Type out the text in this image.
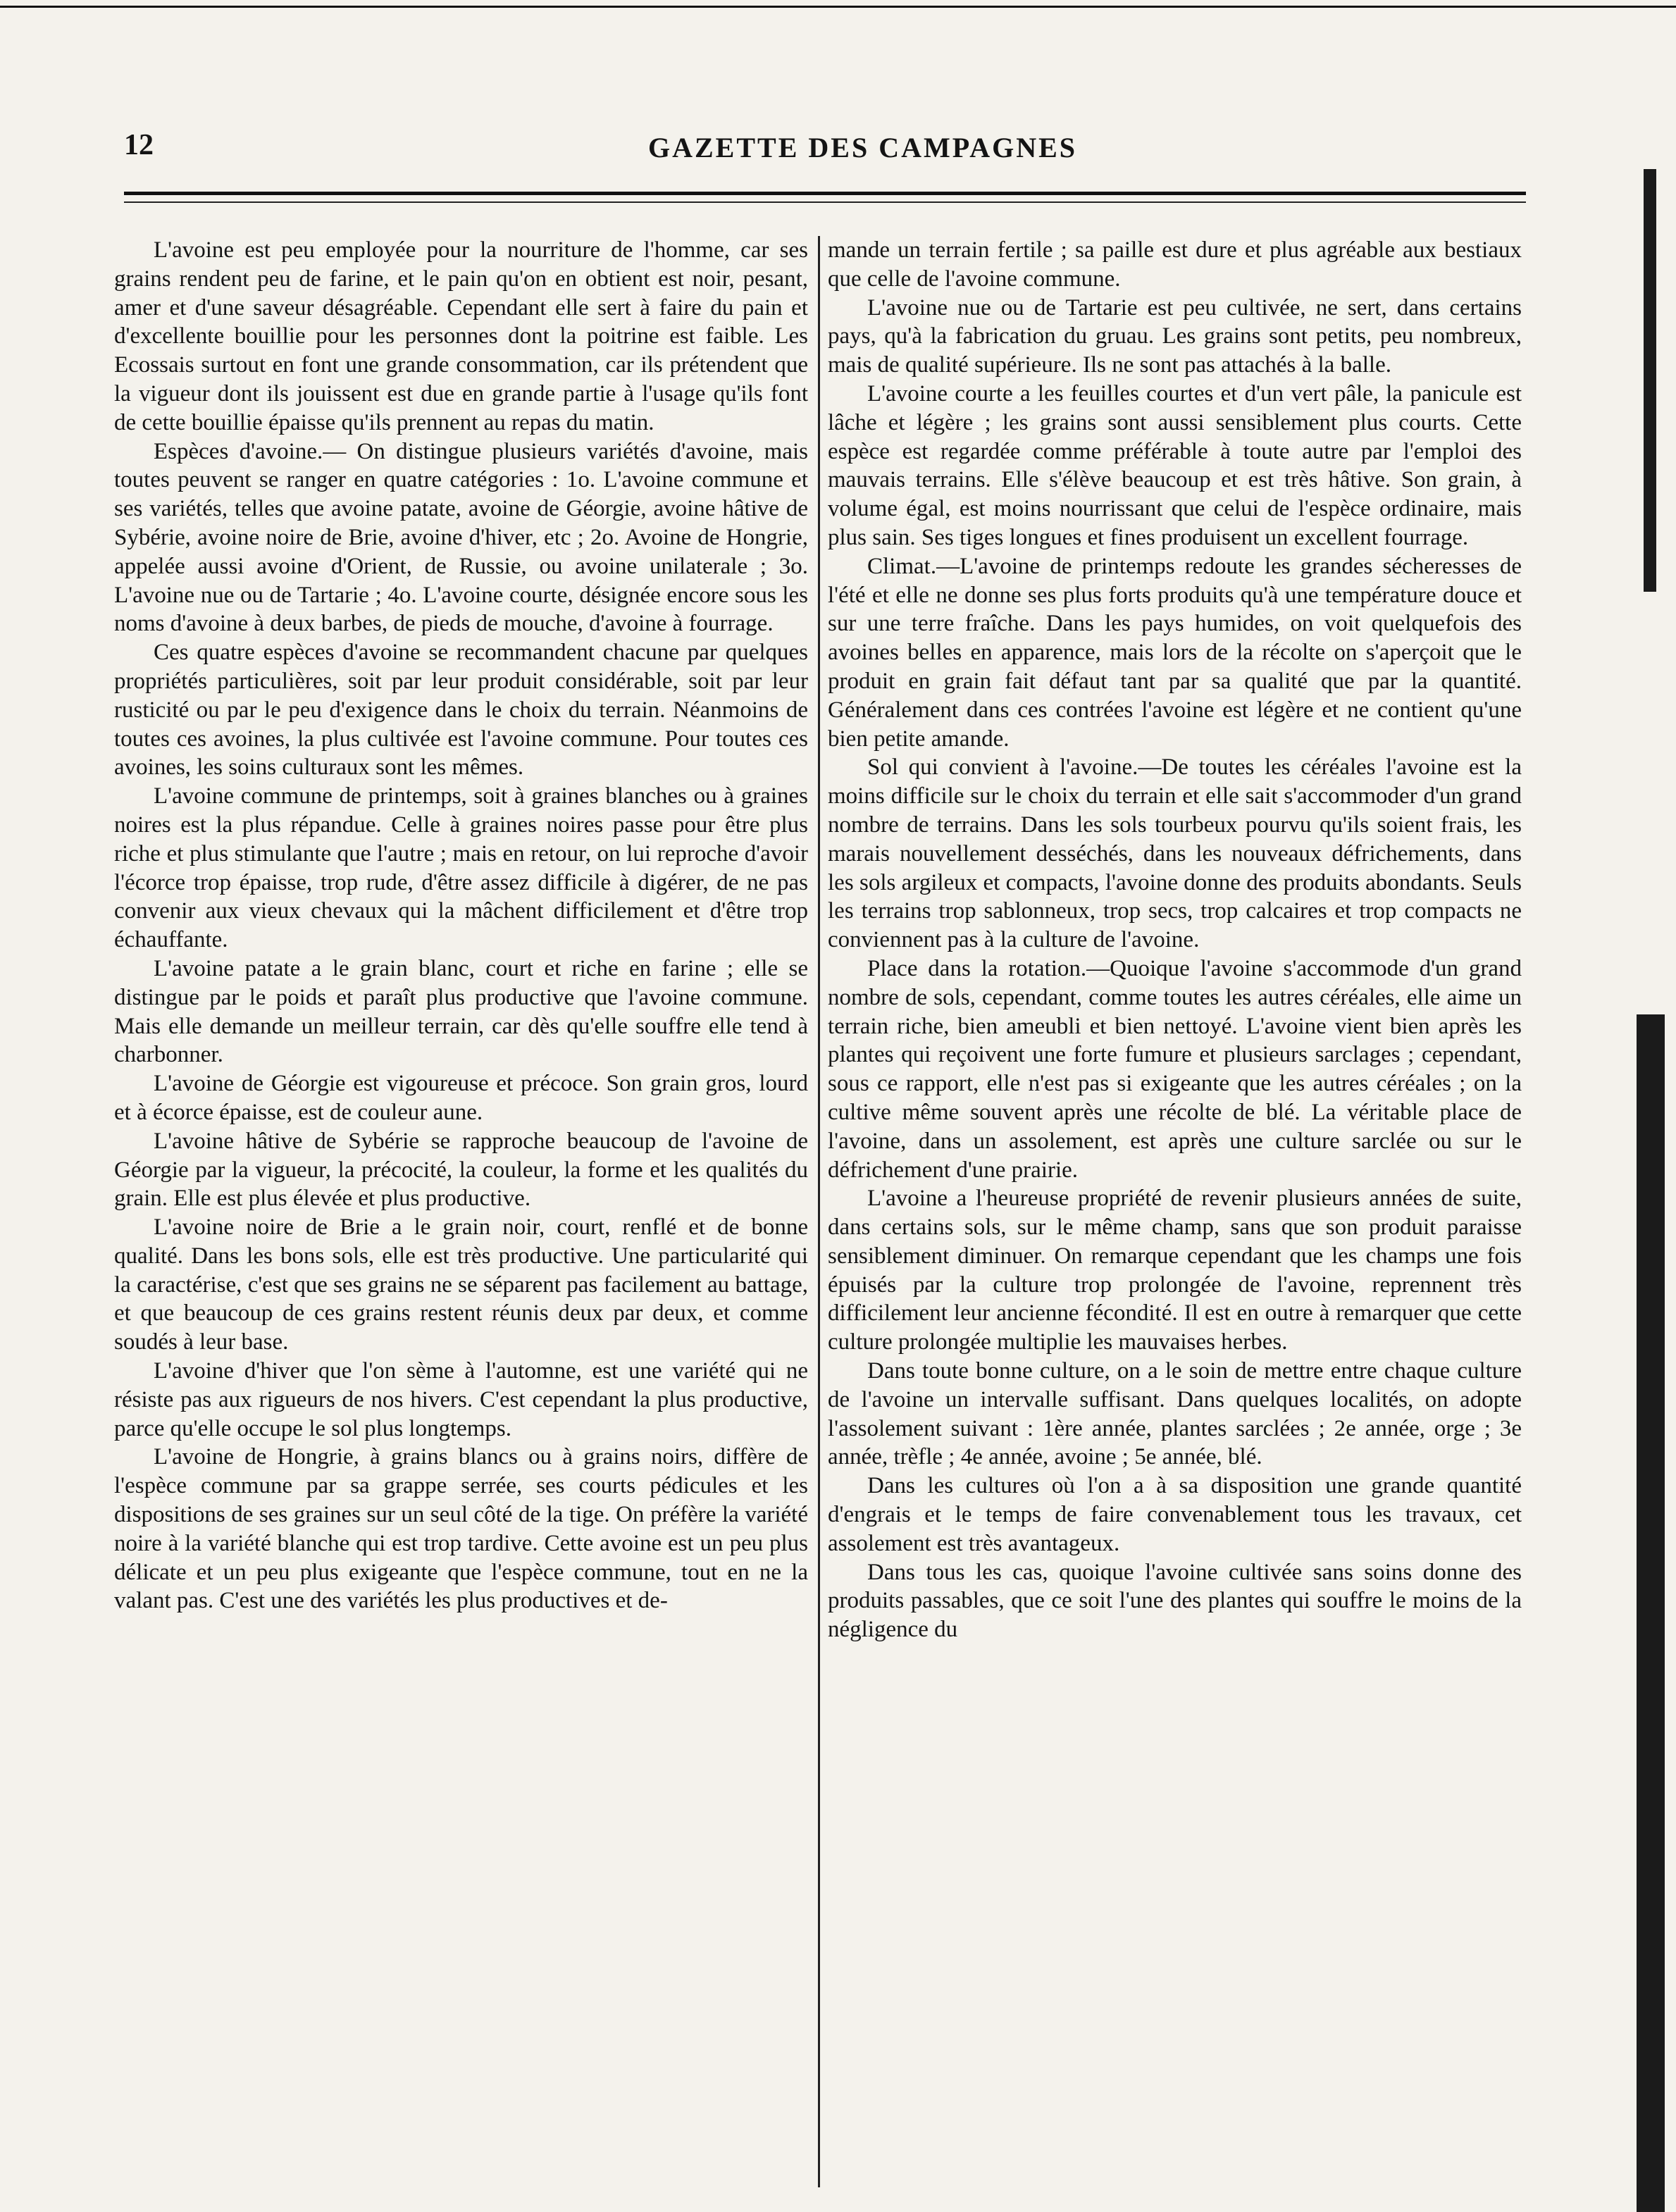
12	GAZETTE DES CAMPAGNES

L'avoine est peu employée pour la nourriture de l'homme, car ses grains rendent peu de farine, et le pain qu'on en obtient est noir, pesant, amer et d'une saveur désagréable. Cependant elle sert à faire du pain et d'excellente bouillie pour les personnes dont la poitrine est faible. Les Ecossais surtout en font une grande consommation, car ils prétendent que la vigueur dont ils jouissent est due en grande partie à l'usage qu'ils font de cette bouillie épaisse qu'ils prennent au repas du matin.

Espèces d'avoine.— On distingue plusieurs variétés d'avoine, mais toutes peuvent se ranger en quatre catégories : 1o. L'avoine commune et ses variétés, telles que avoine patate, avoine de Géorgie, avoine hâtive de Sybérie, avoine noire de Brie, avoine d'hiver, etc ; 2o. Avoine de Hongrie, appelée aussi avoine d'Orient, de Russie, ou avoine unilaterale ; 3o. L'avoine nue ou de Tartarie ; 4o. L'avoine courte, désignée encore sous les noms d'avoine à deux barbes, de pieds de mouche, d'avoine à fourrage.

Ces quatre espèces d'avoine se recommandent chacune par quelques propriétés particulières, soit par leur produit considérable, soit par leur rusticité ou par le peu d'exigence dans le choix du terrain. Néanmoins de toutes ces avoines, la plus cultivée est l'avoine commune. Pour toutes ces avoines, les soins culturaux sont les mêmes.

L'avoine commune de printemps, soit à graines blanches ou à graines noires est la plus répandue. Celle à graines noires passe pour être plus riche et plus stimulante que l'autre ; mais en retour, on lui reproche d'avoir l'écorce trop épaisse, trop rude, d'être assez difficile à digérer, de ne pas convenir aux vieux chevaux qui la mâchent difficilement et d'être trop échauffante.

L'avoine patate a le grain blanc, court et riche en farine ; elle se distingue par le poids et paraît plus productive que l'avoine commune. Mais elle demande un meilleur terrain, car dès qu'elle souffre elle tend à charbonner.

L'avoine de Géorgie est vigoureuse et précoce. Son grain gros, lourd et à écorce épaisse, est de couleur aune.

L'avoine hâtive de Sybérie se rapproche beaucoup de l'avoine de Géorgie par la vigueur, la précocité, la couleur, la forme et les qualités du grain. Elle est plus élevée et plus productive.

L'avoine noire de Brie a le grain noir, court, renflé et de bonne qualité. Dans les bons sols, elle est très productive. Une particularité qui la caractérise, c'est que ses grains ne se séparent pas facilement au battage, et que beaucoup de ces grains restent réunis deux par deux, et comme soudés à leur base.

L'avoine d'hiver que l'on sème à l'automne, est une variété qui ne résiste pas aux rigueurs de nos hivers. C'est cependant la plus productive, parce qu'elle occupe le sol plus longtemps.

L'avoine de Hongrie, à grains blancs ou à grains noirs, diffère de l'espèce commune par sa grappe serrée, ses courts pédicules et les dispositions de ses graines sur un seul côté de la tige. On préfère la variété noire à la variété blanche qui est trop tardive. Cette avoine est un peu plus délicate et un peu plus exigeante que l'espèce commune, tout en ne la valant pas. C'est une des variétés les plus productives et de-

mande un terrain fertile ; sa paille est dure et plus agréable aux bestiaux que celle de l'avoine commune.

L'avoine nue ou de Tartarie est peu cultivée, ne sert, dans certains pays, qu'à la fabrication du gruau. Les grains sont petits, peu nombreux, mais de qualité supérieure. Ils ne sont pas attachés à la balle.

L'avoine courte a les feuilles courtes et d'un vert pâle, la panicule est lâche et légère ; les grains sont aussi sensiblement plus courts. Cette espèce est regardée comme préférable à toute autre par l'emploi des mauvais terrains. Elle s'élève beaucoup et est très hâtive. Son grain, à volume égal, est moins nourrissant que celui de l'espèce ordinaire, mais plus sain. Ses tiges longues et fines produisent un excellent fourrage.

Climat.—L'avoine de printemps redoute les grandes sécheresses de l'été et elle ne donne ses plus forts produits qu'à une température douce et sur une terre fraîche. Dans les pays humides, on voit quelquefois des avoines belles en apparence, mais lors de la récolte on s'aperçoit que le produit en grain fait défaut tant par sa qualité que par la quantité. Généralement dans ces contrées l'avoine est légère et ne contient qu'une bien petite amande.

Sol qui convient à l'avoine.—De toutes les céréales l'avoine est la moins difficile sur le choix du terrain et elle sait s'accommoder d'un grand nombre de terrains. Dans les sols tourbeux pourvu qu'ils soient frais, les marais nouvellement desséchés, dans les nouveaux défrichements, dans les sols argileux et compacts, l'avoine donne des produits abondants. Seuls les terrains trop sablonneux, trop secs, trop calcaires et trop compacts ne conviennent pas à la culture de l'avoine.

Place dans la rotation.—Quoique l'avoine s'accommode d'un grand nombre de sols, cependant, comme toutes les autres céréales, elle aime un terrain riche, bien ameubli et bien nettoyé. L'avoine vient bien après les plantes qui reçoivent une forte fumure et plusieurs sarclages ; cependant, sous ce rapport, elle n'est pas si exigeante que les autres céréales ; on la cultive même souvent après une récolte de blé. La véritable place de l'avoine, dans un assolement, est après une culture sarclée ou sur le défrichement d'une prairie.

L'avoine a l'heureuse propriété de revenir plusieurs années de suite, dans certains sols, sur le même champ, sans que son produit paraisse sensiblement diminuer. On remarque cependant que les champs une fois épuisés par la culture trop prolongée de l'avoine, reprennent très difficilement leur ancienne fécondité. Il est en outre à remarquer que cette culture prolongée multiplie les mauvaises herbes.

Dans toute bonne culture, on a le soin de mettre entre chaque culture de l'avoine un intervalle suffisant. Dans quelques localités, on adopte l'assolement suivant : 1ère année, plantes sarclées ; 2e année, orge ; 3e année, trèfle ; 4e année, avoine ; 5e année, blé.

Dans les cultures où l'on a à sa disposition une grande quantité d'engrais et le temps de faire convenablement tous les travaux, cet assolement est très avantageux.

Dans tous les cas, quoique l'avoine cultivée sans soins donne des produits passables, que ce soit l'une des plantes qui souffre le moins de la négligence du
